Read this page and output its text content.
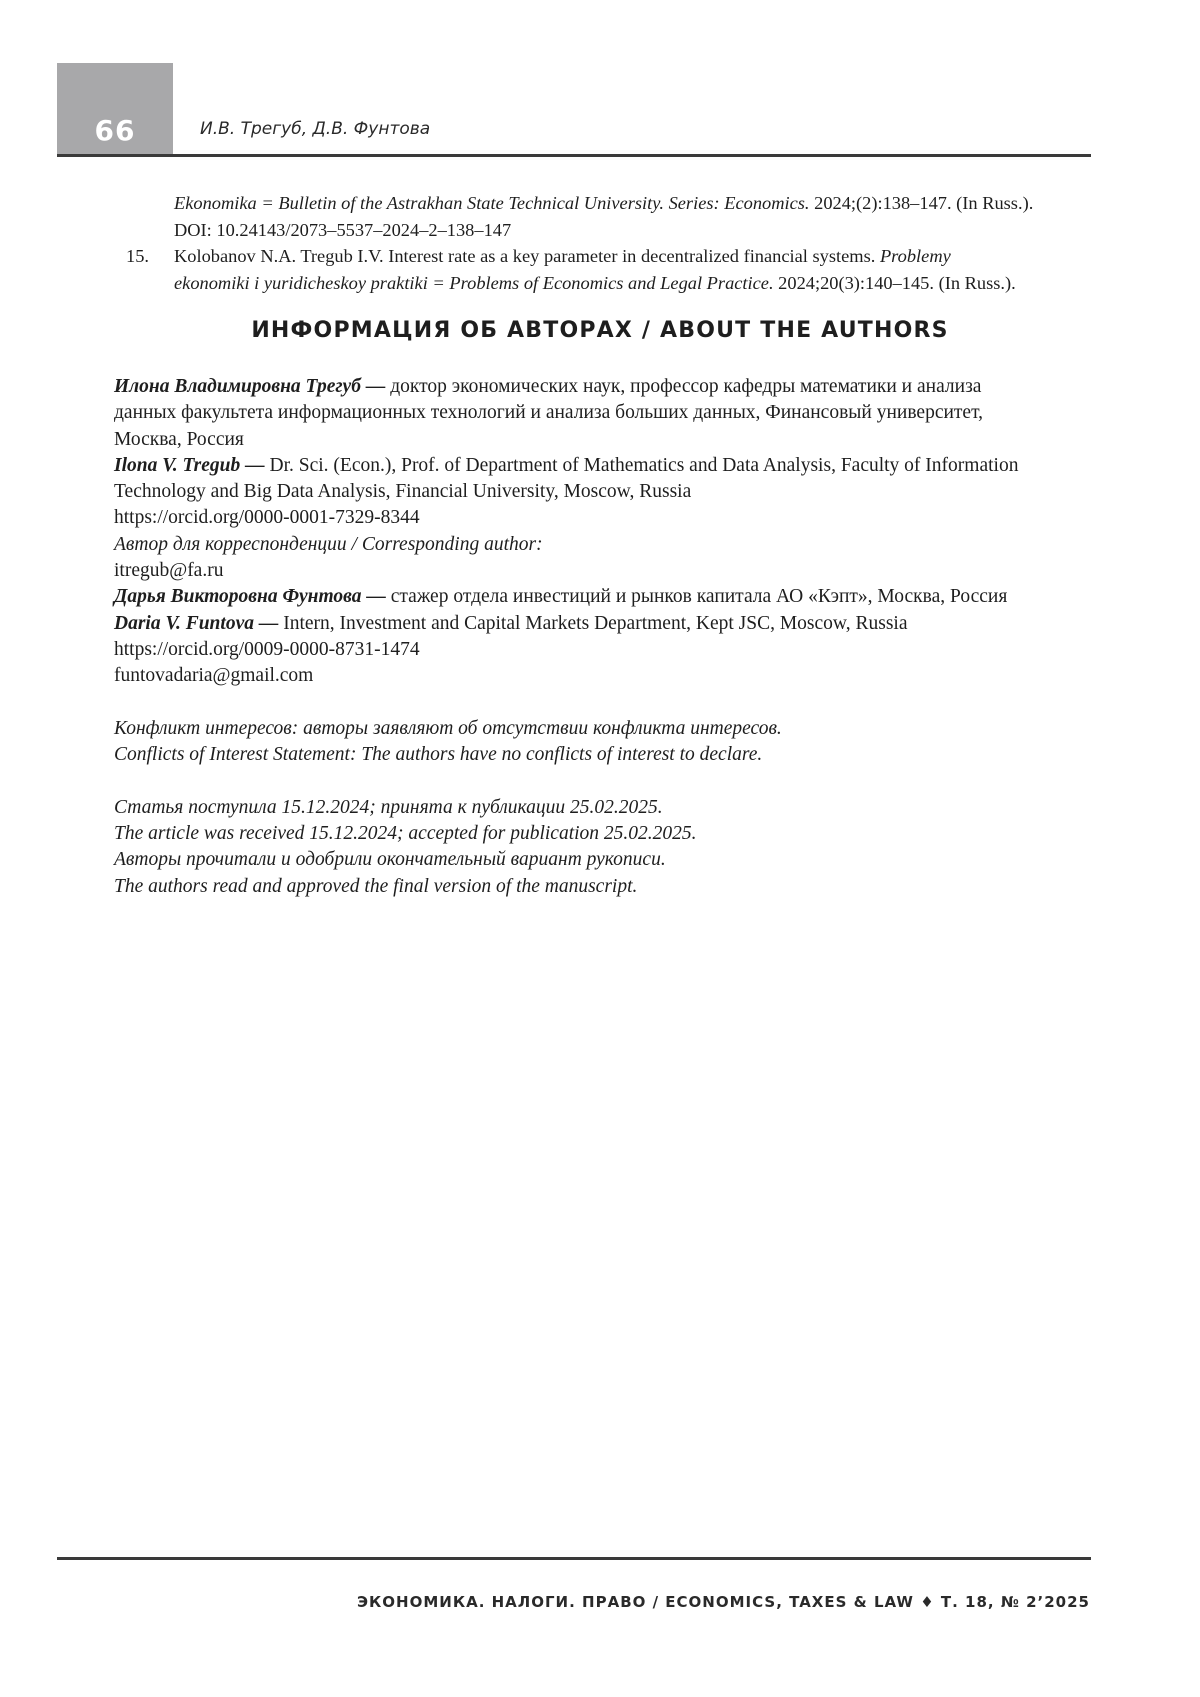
66	И.В. Трегуб, Д.В. Фунтова
Ekonomika = Bulletin of the Astrakhan State Technical University. Series: Economics. 2024;(2):138–147. (In Russ.).
DOI: 10.24143/2073–5537–2024–2–138–147
15. Kolobanov N.A. Tregub I.V. Interest rate as a key parameter in decentralized financial systems. Problemy
ekonomiki i yuridicheskoy praktiki = Problems of Economics and Legal Practice. 2024;20(3):140–145. (In Russ.).
ИНФОРМАЦИЯ ОБ АВТОРАХ / ABOUT THE AUTHORS
Илона Владимировна Трегуб — доктор экономических наук, профессор кафедры математики и анализа
данных факультета информационных технологий и анализа больших данных, Финансовый университет,
Москва, Россия
Ilona V. Tregub — Dr. Sci. (Econ.), Prof. of Department of Mathematics and Data Analysis, Faculty of Information
Technology and Big Data Analysis, Financial University, Moscow, Russia
https://orcid.org/0000-0001-7329-8344
Автор для корреспонденции / Corresponding author:
itregub@fa.ru
Дарья Викторовна Фунтова — стажер отдела инвестиций и рынков капитала АО «Кэпт», Москва, Россия
Daria V. Funtova — Intern, Investment and Capital Markets Department, Kept JSC, Moscow, Russia
https://orcid.org/0009-0000-8731-1474
funtovadaria@gmail.com
Конфликт интересов: авторы заявляют об отсутствии конфликта интересов.
Conflicts of Interest Statement: The authors have no conflicts of interest to declare.
Статья поступила 15.12.2024; принята к публикации 25.02.2025.
The article was received 15.12.2024; accepted for publication 25.02.2025.
Авторы прочитали и одобрили окончательный вариант рукописи.
The authors read and approved the final version of the manuscript.
ЭКОНОМИКА. НАЛОГИ. ПРАВО / ECONOMICS, TAXES & LAW ♦ Т. 18, № 2’2025
